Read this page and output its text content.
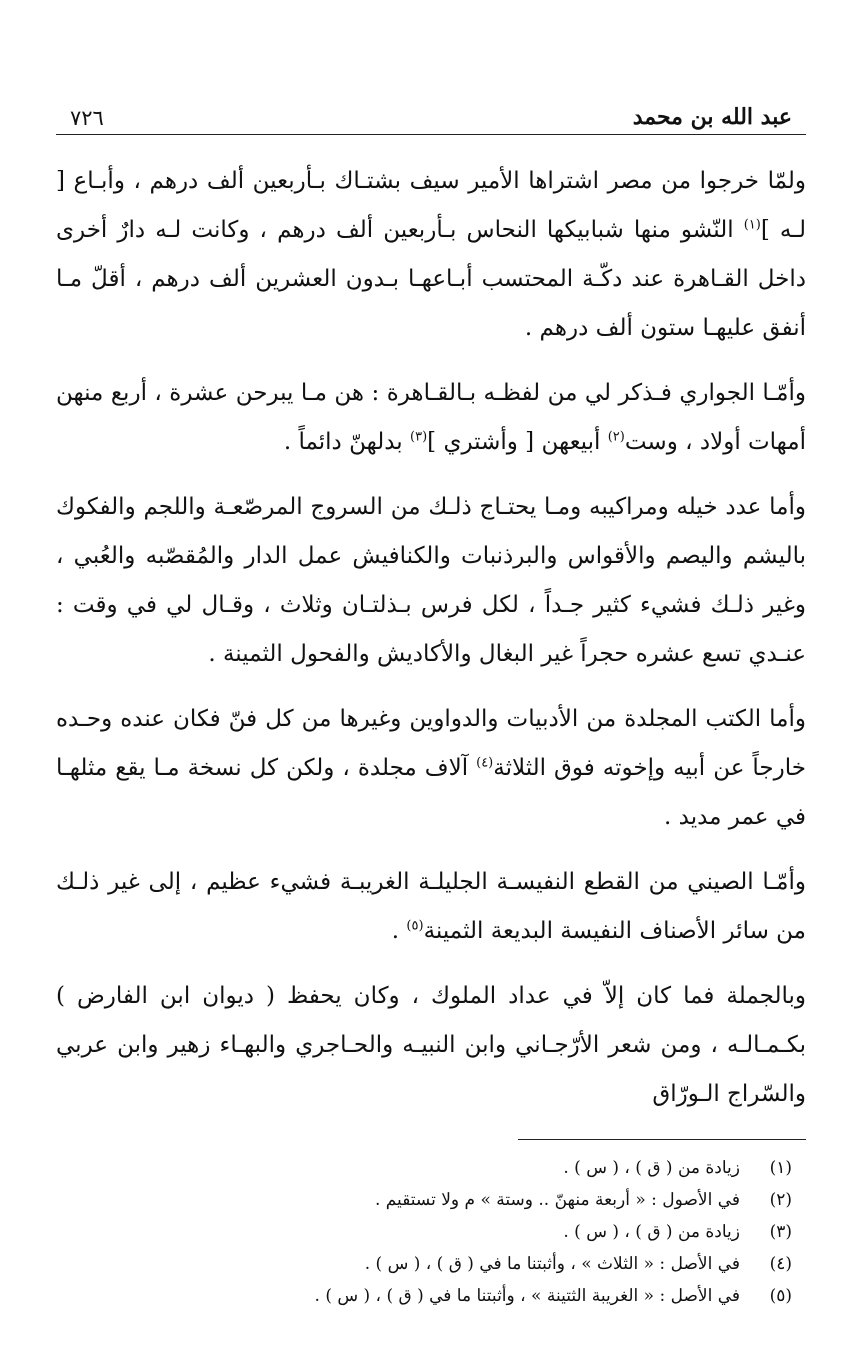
عبد الله بن محمد
٧٢٦

ولمّا خرجوا من مصر اشتراها الأمير سيف بشتـاك بـأربعين ألف درهم ، وأبـاع [ لـه ]$^{(١)}$ النّشو منها شبابيكها النحاس بـأربعين ألف درهم ، وكانت لـه دارٌ أخرى داخل القـاهرة عند دكّـة المحتسب أبـاعهـا بـدون العشرين ألف درهم ، أقلّ مـا أنفق عليهـا ستون ألف درهم .

وأمّـا الجواري فـذكر لي من لفظـه بـالقـاهرة : هن مـا يبرحن عشرة ، أربع منهن أمهات أولاد ، وست$^{(٢)}$ أبيعهن [ وأشتري ]$^{(٣)}$ بدلهنّ دائماً .

وأما عدد خيله ومراكيبه ومـا يحتـاج ذلـك من السروج المرصّعـة واللجم والفكوك باليشم واليصم والأقواس والبرذنبات والكنافيش عمل الدار والمُقصّبه والعُبي ، وغير ذلـك فشيء كثير جـداً ، لكل فرس بـذلتـان وثلاث ، وقـال لي في وقت : عنـدي تسع عشره حجراً غير البغال والأكاديش والفحول الثمينة .

وأما الكتب المجلدة من الأدبيات والدواوين وغيرها من كل فنّ فكان عنده وحـده خارجاً عن أبيه وإخوته فوق الثلاثة$^{(٤)}$ آلاف مجلدة ، ولكن كل نسخة مـا يقع مثلهـا في عمر مديد .

وأمّـا الصيني من القطع النفيسـة الجليلـة الغريبـة فشيء عظيم ، إلى غير ذلـك من سائر الأصناف النفيسة البديعة الثمينة$^{(٥)}$ .

وبالجملة فما كان إلاّ في عداد الملوك ، وكان يحفظ ( ديوان ابن الفارض ) بكـمـالـه ، ومن شعر الأرّجـاني وابن النبيـه والحـاجري والبهـاء زهير وابن عربي والسّراج الـورّاق

(١)
زيادة من ( ق ) ، ( س ) .
(٢)
في الأصول : « أربعة منهنّ .. وستة » م ولا تستقيم .
(٣)
زيادة من ( ق ) ، ( س ) .
(٤)
في الأصل : « الثلاث » ، وأثبتنا ما في ( ق ) ، ( س ) .
(٥)
في الأصل : « الغريبة الثتينة » ، وأثبتنا ما في ( ق ) ، ( س ) .
